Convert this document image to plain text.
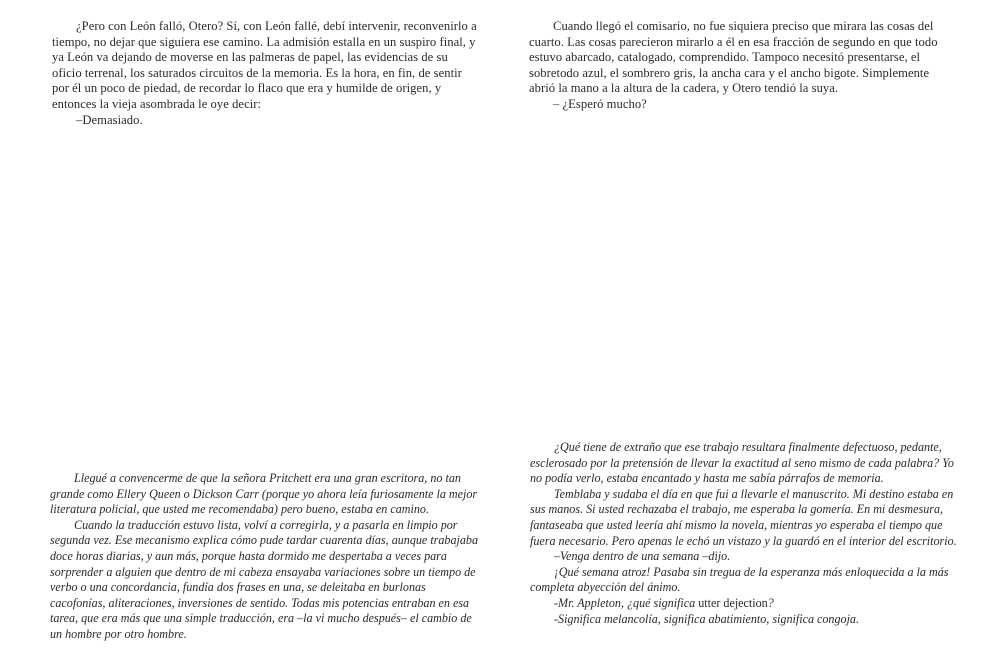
¿Pero con León falló, Otero? Sí, con León fallé, debí intervenir, reconvenirlo a tiempo, no dejar que siguiera ese camino. La admisión estalla en un suspiro final, y ya León va dejando de moverse en las palmeras de papel, las evidencias de su oficio terrenal, los saturados circuitos de la memoria. Es la hora, en fin, de sentir por él un poco de piedad, de recordar lo flaco que era y humilde de origen, y entonces la vieja asombrada le oye decir:

–Demasiado.

Cuando llegó el comisario, no fue siquiera preciso que mirara las cosas del cuarto. Las cosas parecieron mirarlo a él en esa fracción de segundo en que todo estuvo abarcado, catalogado, comprendido. Tampoco necesitó presentarse, el sobretodo azul, el sombrero gris, la ancha cara y el ancho bigote. Simplemente abrió la mano a la altura de la cadera, y Otero tendió la suya.

– ¿Esperó mucho?

Llegué a convencerme de que la señora Pritchett era una gran escritora, no tan grande como Ellery Queen o Dickson Carr (porque yo ahora leía furiosamente la mejor literatura policial, que usted me recomendaba) pero bueno, estaba en camino.

Cuando la traducción estuvo lista, volví a corregirla, y a pasarla en limpio por segunda vez. Ese mecanismo explica cómo pude tardar cuarenta días, aunque trabajaba doce horas diarias, y aun más, porque hasta dormido me despertaba a veces para sorprender a alguien que dentro de mi cabeza ensayaba variaciones sobre un tiempo de verbo o una concordancia, fundía dos frases en una, se deleitaba en burlonas cacofonías, aliteraciones, inversiones de sentido. Todas mis potencias entraban en esa tarea, que era más que una simple traducción, era –la vi mucho después– el cambio de un hombre por otro hombre.

¿Qué tiene de extraño que ese trabajo resultara finalmente defectuoso, pedante, esclerosado por la pretensión de llevar la exactitud al seno mismo de cada palabra? Yo no podía verlo, estaba encantado y hasta me sabía párrafos de memoria.

Temblaba y sudaba el día en que fui a llevarle el manuscrito. Mi destino estaba en sus manos. Si usted rechazaba el trabajo, me esperaba la gomería. En mi desmesura, fantaseaba que usted leería ahí mismo la novela, mientras yo esperaba el tiempo que fuera necesario. Pero apenas le echó un vistazo y la guardó en el interior del escritorio.

–Venga dentro de una semana –dijo.

¡Qué semana atroz! Pasaba sin tregua de la esperanza más enloquecida a la más completa abyección del ánimo.

-Mr. Appleton, ¿qué significa utter dejection?

-Significa melancolía, significa abatimiento, significa congoja.
